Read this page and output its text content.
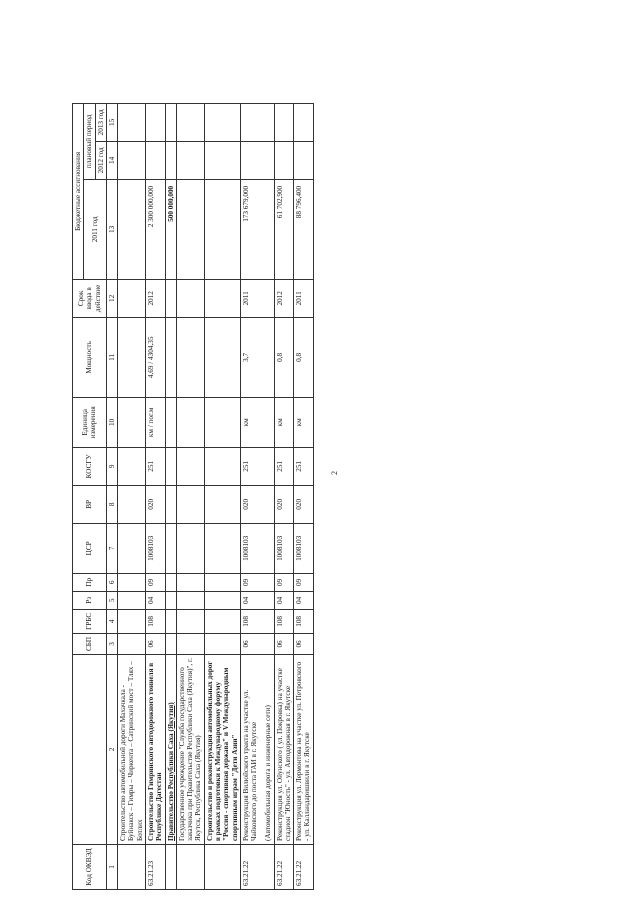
Код ОКВЭД		СБП	ГРБС	Рз	Пр	ЦСР	ВР	КОСГУ	Единица измерения	Мощность	Срок ввода в действие	Бюджетные ассигнования		
												2011 год	плановый период	
													2012 год	2013 год
1	2	3	4	5	6	7	8	9	10	11	12	13	14	15
	Строительство автомобильной дороги Махачкала - Буйнакск – Гимры – Чиркента – Сатринский мост – Тлях – Ботлих													
63.21.23	Строительство Гимринского автодорожного тоннеля в Республике Дагестан	06	108	04	09	1008103	020	251	км / пог.м	4,69 / 4304,35	2012	2 300 000,000		
	Правительство Республики Саха (Якутия)											500 000,000		
	Государственное учреждение "Служба государственного заказчика при Правительстве Республики Саха (Якутия)", г. Якутск, Республика Саха (Якутия)													
	Строительство и реконструкция автомобильных дорог в рамках подготовки к Международному форуму "Россия - спортивная держава" и V Международным спортивным играм "Дети Азии"													
63.21.22	Реконструкция Вилюйского тракта на участке ул. Чайковского до поста ГАИ в г. Якутске (Автомобильная дорога и инженерные сети)	06	108	04	09	1008103	020	251	км	3,7	2011	173 679,000		
63.21.22	Реконструкция ул. Ойунского ( ул. Покровка) на участке стадион "Юность" - ул. Автодорожная в г. Якутске	06	108	04	09	1008103	020	251	км	0,8	2012	61 702,900		
63.21.22	Реконструкция ул. Лермонтова на участке ул. Петровского - ул. Калландаришвили в г. Якутске	06	108	04	09	1008103	020	251	км	0,8	2011	88 796,400		
2
